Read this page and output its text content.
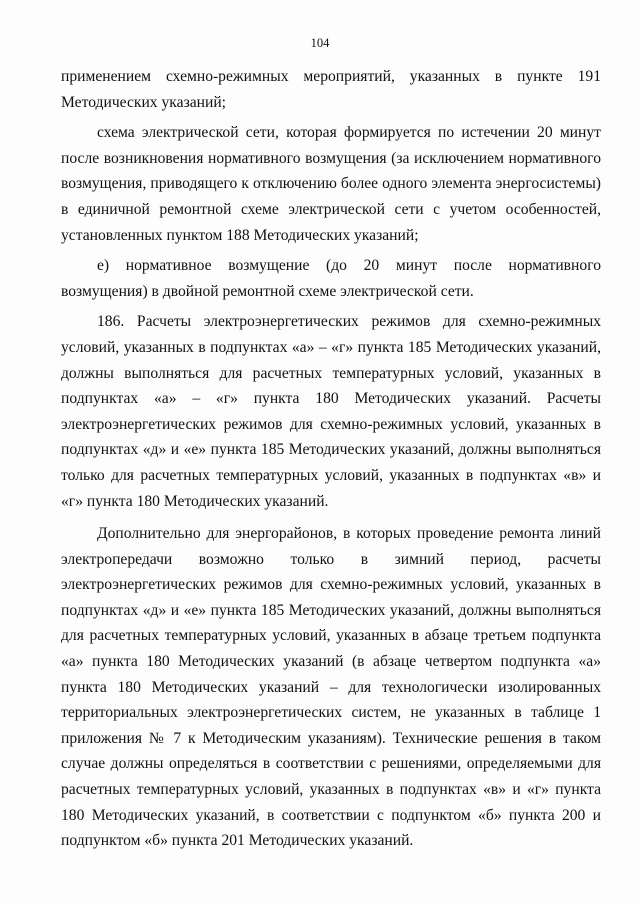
104

применением схемно-режимных мероприятий, указанных в пункте 191 Методических указаний;

схема электрической сети, которая формируется по истечении 20 минут после возникновения нормативного возмущения (за исключением нормативного возмущения, приводящего к отключению более одного элемента энергосистемы) в единичной ремонтной схеме электрической сети с учетом особенностей, установленных пунктом 188 Методических указаний;

е) нормативное возмущение (до 20 минут после нормативного возмущения) в двойной ремонтной схеме электрической сети.

186. Расчеты электроэнергетических режимов для схемно-режимных условий, указанных в подпунктах «а» – «г» пункта 185 Методических указаний, должны выполняться для расчетных температурных условий, указанных в подпунктах «а» – «г» пункта 180 Методических указаний. Расчеты электроэнергетических режимов для схемно-режимных условий, указанных в подпунктах «д» и «е» пункта 185 Методических указаний, должны выполняться только для расчетных температурных условий, указанных в подпунктах «в» и «г» пункта 180 Методических указаний.

Дополнительно для энергорайонов, в которых проведение ремонта линий электропередачи возможно только в зимний период, расчеты электроэнергетических режимов для схемно-режимных условий, указанных в подпунктах «д» и «е» пункта 185 Методических указаний, должны выполняться для расчетных температурных условий, указанных в абзаце третьем подпункта «а» пункта 180 Методических указаний (в абзаце четвертом подпункта «а» пункта 180 Методических указаний – для технологически изолированных территориальных электроэнергетических систем, не указанных в таблице 1 приложения № 7 к Методическим указаниям). Технические решения в таком случае должны определяться в соответствии с решениями, определяемыми для расчетных температурных условий, указанных в подпунктах «в» и «г» пункта 180 Методических указаний, в соответствии с подпунктом «б» пункта 200 и подпунктом «б» пункта 201 Методических указаний.
